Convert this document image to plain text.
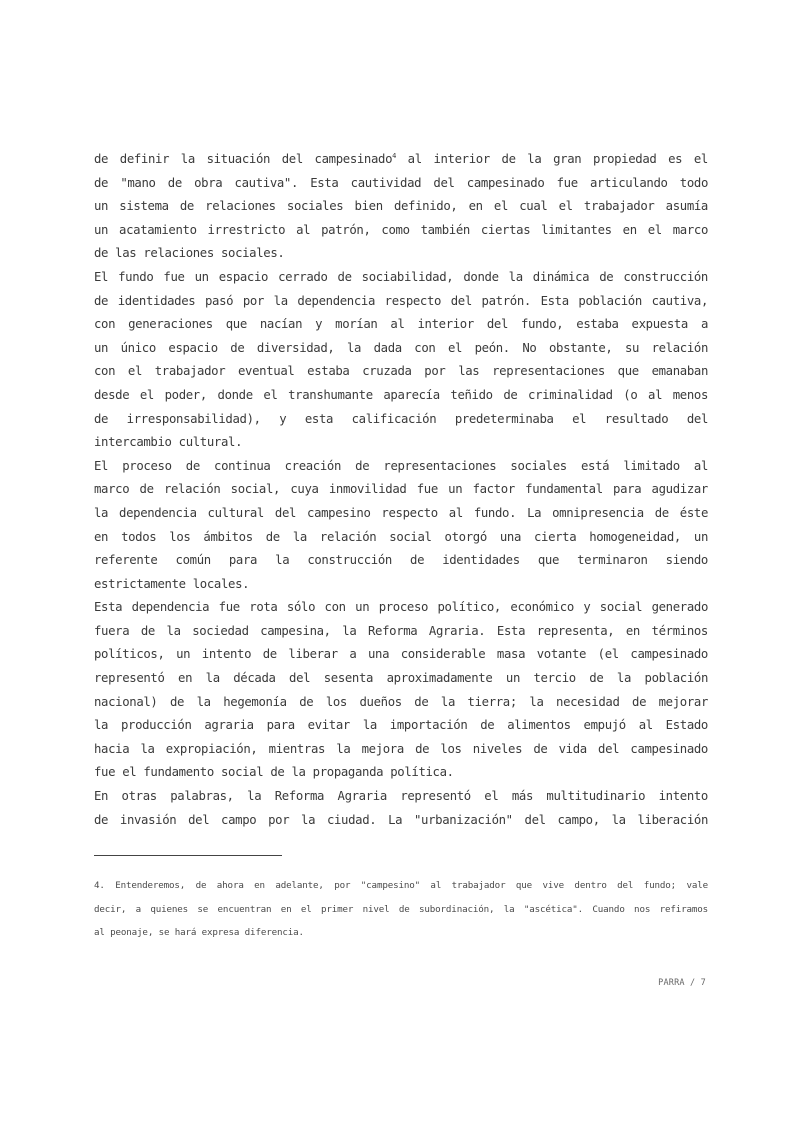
de definir la situación del campesinado$^4$ al interior de la gran propiedad es el
de "mano de obra cautiva". Esta cautividad del campesinado fue articulando todo
un sistema de relaciones sociales bien definido, en el cual el trabajador asumía
un acatamiento irrestricto al patrón, como también ciertas limitantes en el marco
de las relaciones sociales.
El fundo fue un espacio cerrado de sociabilidad, donde la dinámica de construcción
de identidades pasó por la dependencia respecto del patrón. Esta población cautiva,
con generaciones que nacían y morían al interior del fundo, estaba expuesta a
un único espacio de diversidad, la dada con el peón. No obstante, su relación
con el trabajador eventual estaba cruzada por las representaciones que emanaban
desde el poder, donde el transhumante aparecía teñido de criminalidad (o al menos
de irresponsabilidad), y esta calificación predeterminaba el resultado del
intercambio cultural.
El proceso de continua creación de representaciones sociales está limitado al
marco de relación social, cuya inmovilidad fue un factor fundamental para agudizar
la dependencia cultural del campesino respecto al fundo. La omnipresencia de éste
en todos los ámbitos de la relación social otorgó una cierta homogeneidad, un
referente común para la construcción de identidades que terminaron siendo
estrictamente locales.
Esta dependencia fue rota sólo con un proceso político, económico y social generado
fuera de la sociedad campesina, la Reforma Agraria. Esta representa, en términos
políticos, un intento de liberar a una considerable masa votante (el campesinado
representó en la década del sesenta aproximadamente un tercio de la población
nacional) de la hegemonía de los dueños de la tierra; la necesidad de mejorar
la producción agraria para evitar la importación de alimentos empujó al Estado
hacia la expropiación, mientras la mejora de los niveles de vida del campesinado
fue el fundamento social de la propaganda política.
En otras palabras, la Reforma Agraria representó el más multitudinario intento
de invasión del campo por la ciudad. La "urbanización" del campo, la liberación
4. Entenderemos, de ahora en adelante, por "campesino" al trabajador que vive dentro del fundo; vale
decir, a quienes se encuentran en el primer nivel de subordinación, la "ascética". Cuando nos refiramos
al peonaje, se hará expresa diferencia.
PARRA / 7
